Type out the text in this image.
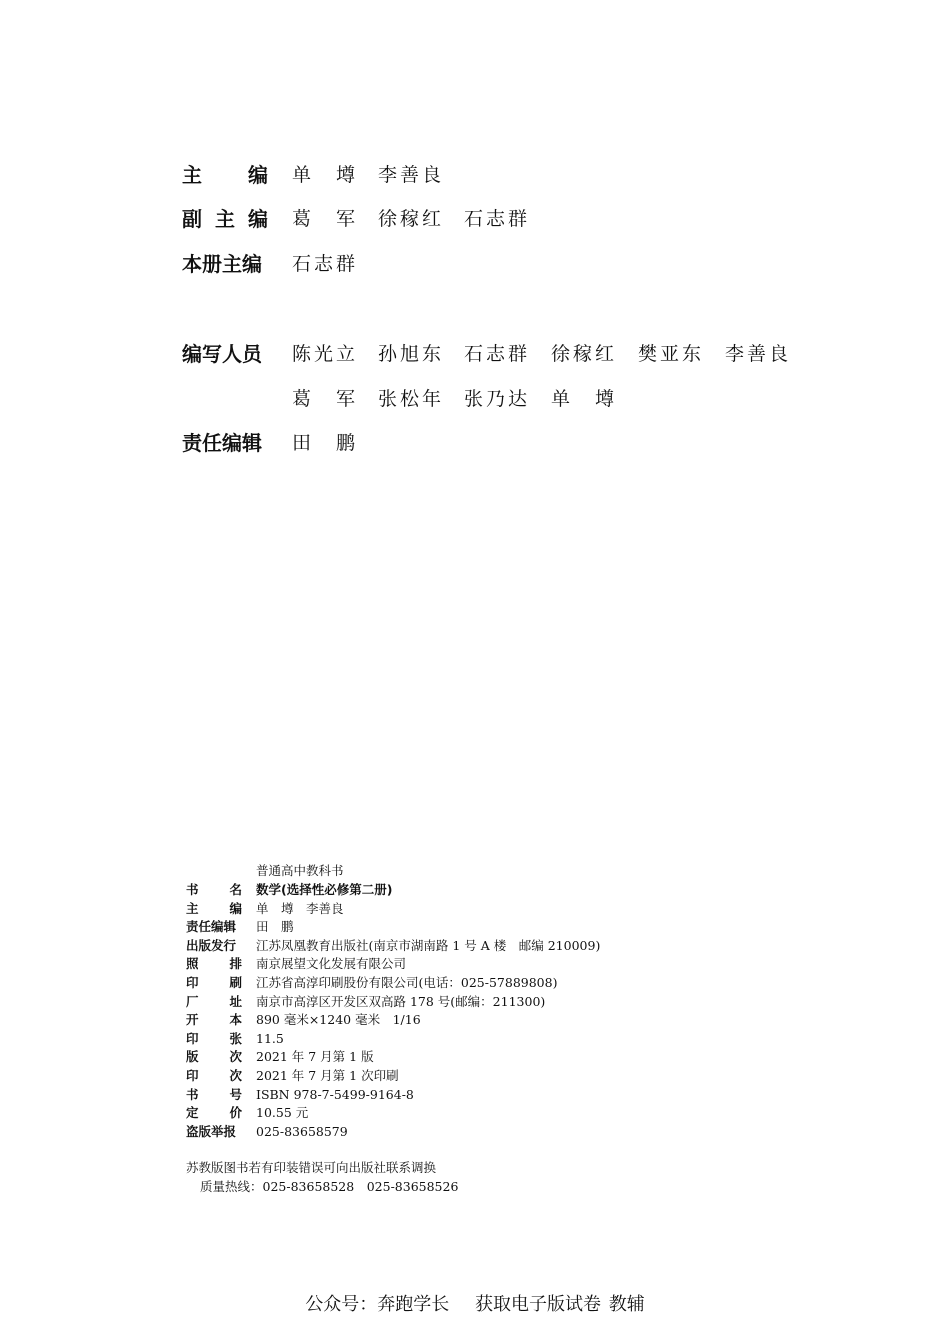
主 编 单　墫 李善良
副 主 编 葛　军 徐稼红 石志群
本册主编	石志群
编写人员	陈光立 孙旭东 石志群 徐稼红 樊亚东 李善良
葛　军 张松年 张乃达 单　墫
责任编辑	田　鹏
普通高中教科书
书 名 数学(选择性必修第二册)
主 编 单　墫　李善良
责任编辑	田　鹏
出版发行	江苏凤凰教育出版社(南京市湖南路 1 号 A 楼　邮编 210009)
照 排 南京展望文化发展有限公司
印 刷 江苏省高淳印刷股份有限公司(电话：025-57889808)
厂 址 南京市高淳区开发区双高路 178 号(邮编：211300)
开 本 890 毫米×1240 毫米　1/16
印 张 11.5
版 次 2021 年 7 月第 1 版
印 次 2021 年 7 月第 1 次印刷
书 号 ISBN 978-7-5499-9164-8
定 价 10.55 元
盗版举报	025-83658579
苏教版图书若有印装错误可向出版社联系调换
质量热线：025-83658528　025-83658526
公众号：奔跑学长　 获取电子版试卷 教辅
